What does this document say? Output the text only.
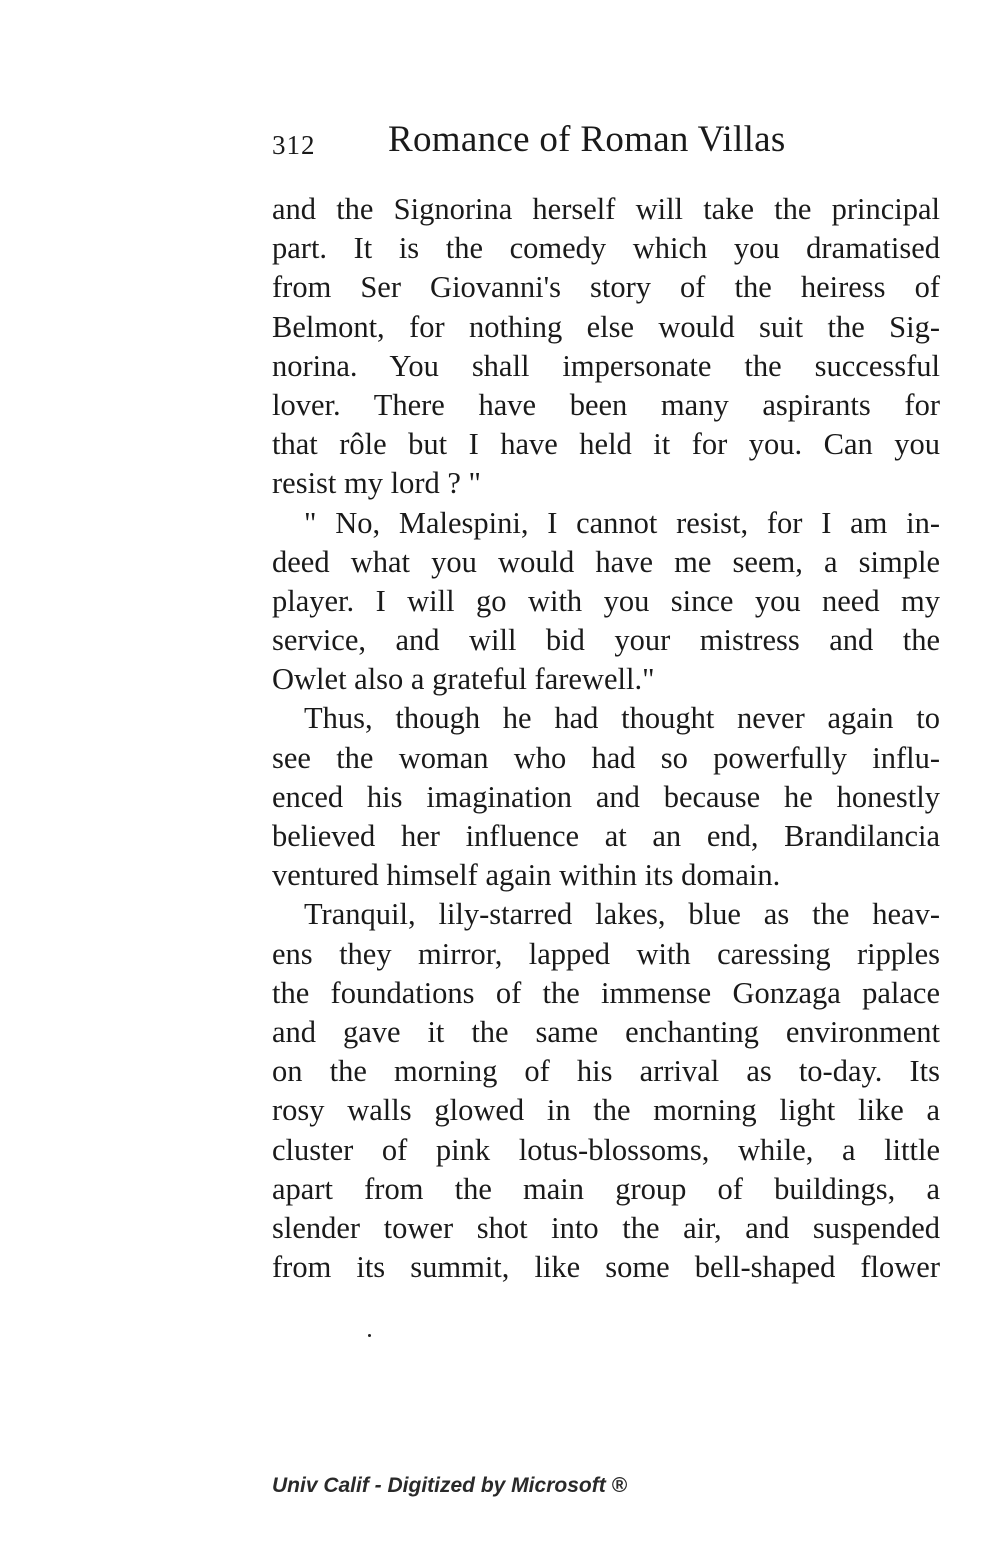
312 Romance of Roman Villas
and the Signorina herself will take the principal
part. It is the comedy which you dramatised
from Ser Giovanni's story of the heiress of
Belmont, for nothing else would suit the Sig-
norina. You shall impersonate the successful
lover. There have been many aspirants for
that rôle but I have held it for you. Can you
resist my lord ? "
" No, Malespini, I cannot resist, for I am in-
deed what you would have me seem, a simple
player. I will go with you since you need my
service, and will bid your mistress and the
Owlet also a grateful farewell."
Thus, though he had thought never again to
see the woman who had so powerfully influ-
enced his imagination and because he honestly
believed her influence at an end, Brandilancia
ventured himself again within its domain.
Tranquil, lily-starred lakes, blue as the heav-
ens they mirror, lapped with caressing ripples
the foundations of the immense Gonzaga palace
and gave it the same enchanting environment
on the morning of his arrival as to-day. Its
rosy walls glowed in the morning light like a
cluster of pink lotus-blossoms, while, a little
apart from the main group of buildings, a
slender tower shot into the air, and suspended
from its summit, like some bell-shaped flower
Univ Calif - Digitized by Microsoft ®
